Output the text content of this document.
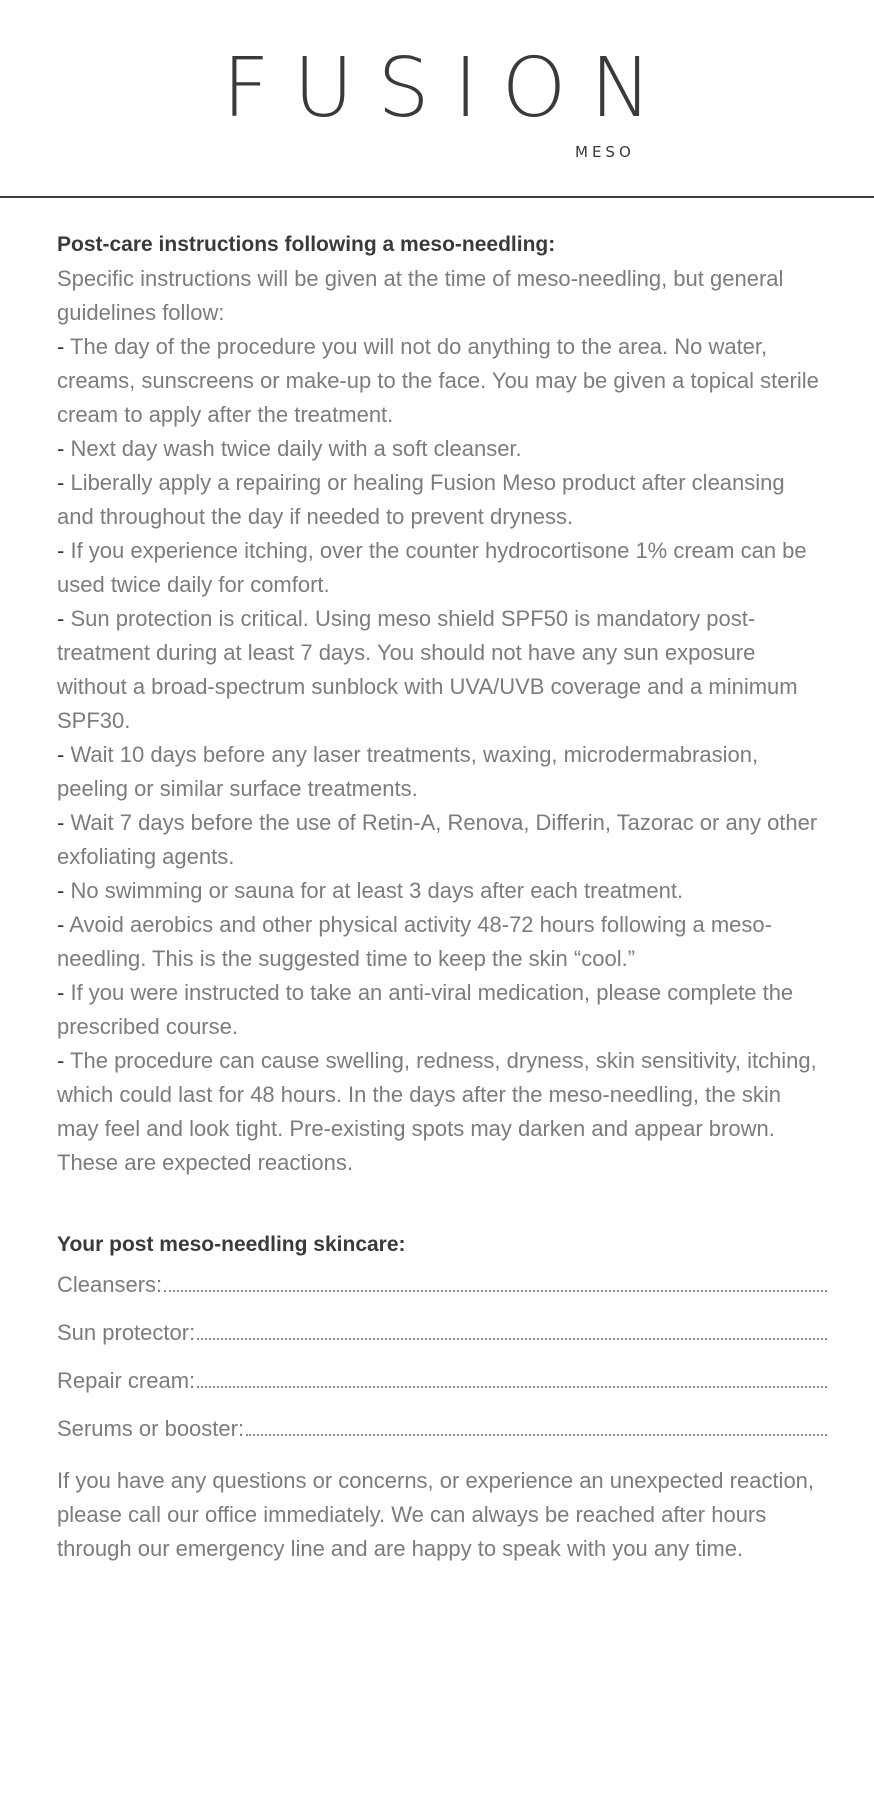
FUSION
MESO
Post-care instructions following a meso-needling:

Specific instructions will be given at the time of meso-needling, but general guidelines follow:

- The day of the procedure you will not do anything to the area. No water, creams, sunscreens or make-up to the face. You may be given a topical sterile cream to apply after the treatment.
- Next day wash twice daily with a soft cleanser.
- Liberally apply a repairing or healing Fusion Meso product after cleansing and throughout the day if needed to prevent dryness.
- If you experience itching, over the counter hydrocortisone 1% cream can be used twice daily for comfort.
- Sun protection is critical. Using meso shield SPF50 is mandatory post-treatment during at least 7 days. You should not have any sun exposure without a broad-spectrum sunblock with UVA/UVB coverage and a minimum SPF30.
- Wait 10 days before any laser treatments, waxing, microdermabrasion, peeling or similar surface treatments.
- Wait 7 days before the use of Retin-A, Renova, Differin, Tazorac or any other exfoliating agents.
- No swimming or sauna for at least 3 days after each treatment.
- Avoid aerobics and other physical activity 48-72 hours following a meso-needling. This is the suggested time to keep the skin “cool.”
- If you were instructed to take an anti-viral medication, please complete the prescribed course.
- The procedure can cause swelling, redness, dryness, skin sensitivity, itching, which could last for 48 hours. In the days after the meso-needling, the skin may feel and look tight. Pre-existing spots may darken and appear brown. These are expected reactions.
Your post meso-needling skincare:
Cleansers:
Sun protector:
Repair cream:
Serums or booster:

If you have any questions or concerns, or experience an unexpected reaction, please call our office immediately. We can always be reached after hours through our emergency line and are happy to speak with you any time.
